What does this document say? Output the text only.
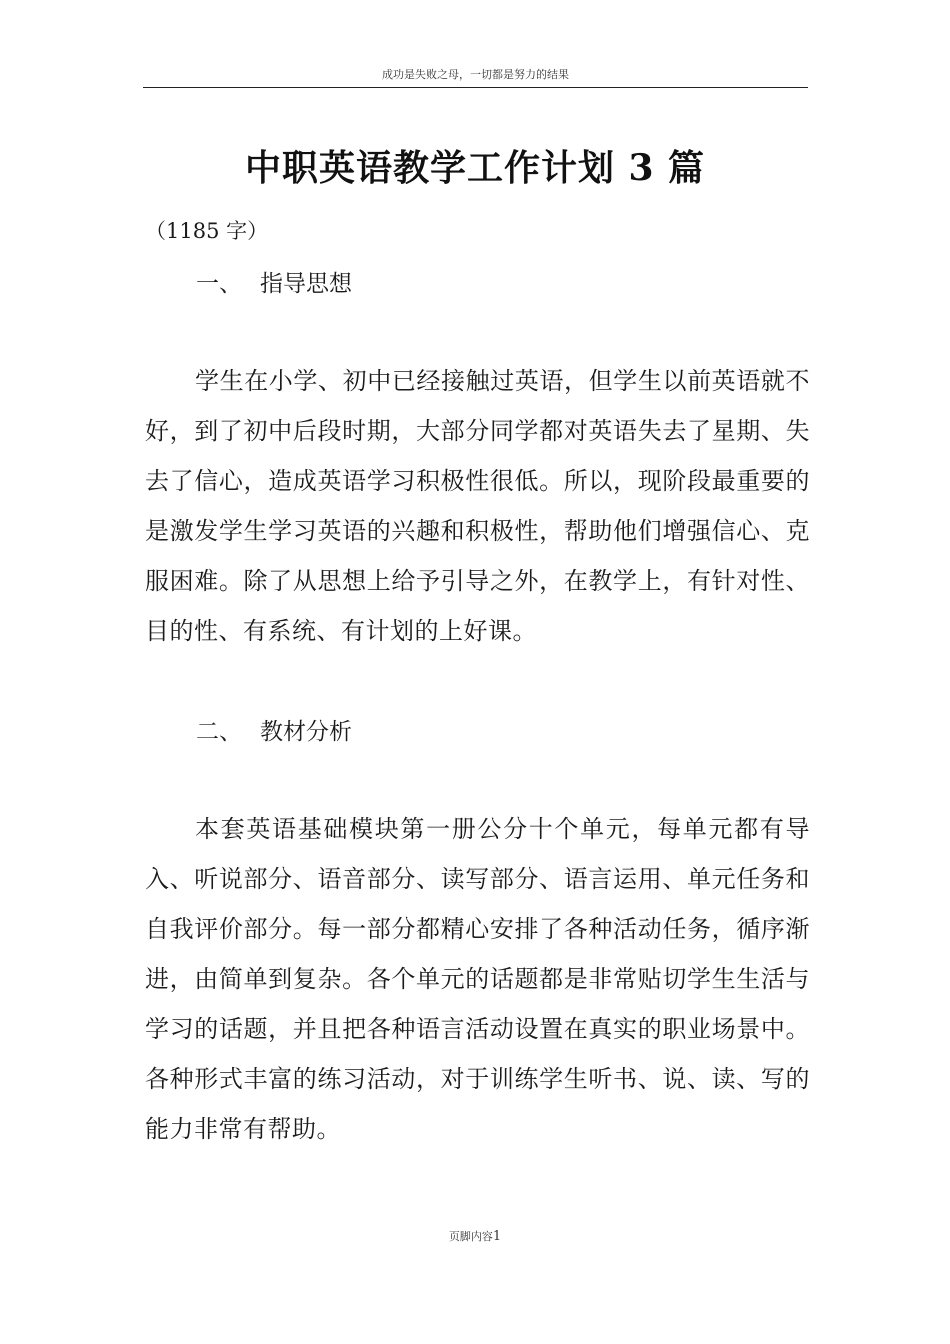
成功是失败之母，一切都是努力的结果
中职英语教学工作计划 3 篇
（1185 字）
一、 指导思想

学生在小学、初中已经接触过英语，但学生以前英语就不好，到了初中后段时期，大部分同学都对英语失去了星期、失去了信心，造成英语学习积极性很低。所以，现阶段最重要的是激发学生学习英语的兴趣和积极性，帮助他们增强信心、克服困难。除了从思想上给予引导之外，在教学上，有针对性、目的性、有系统、有计划的上好课。

二、 教材分析

本套英语基础模块第一册公分十个单元，每单元都有导入、听说部分、语音部分、读写部分、语言运用、单元任务和自我评价部分。每一部分都精心安排了各种活动任务，循序渐进，由简单到复杂。各个单元的话题都是非常贴切学生生活与学习的话题，并且把各种语言活动设置在真实的职业场景中。各种形式丰富的练习活动，对于训练学生听书、说、读、写的能力非常有帮助。

页脚内容1
